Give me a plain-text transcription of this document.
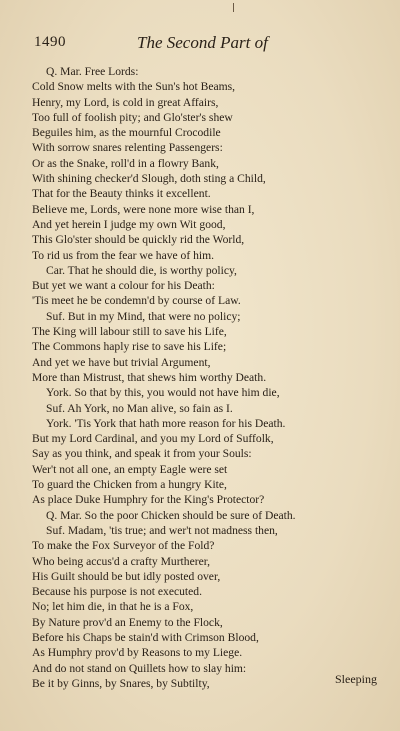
1490	The Second Part of
Q. Mar. Free Lords:
Cold Snow melts with the Sun's hot Beams,
Henry, my Lord, is cold in great Affairs,
Too full of foolish pity; and Glo'ster's shew
Beguiles him, as the mournful Crocodile
With sorrow snares relenting Passengers:
Or as the Snake, roll'd in a flowry Bank,
With shining checker'd Slough, doth sting a Child,
That for the Beauty thinks it excellent.
Believe me, Lords, were none more wise than I,
And yet herein I judge my own Wit good,
This Glo'ster should be quickly rid the World,
To rid us from the fear we have of him.
Car. That he should die, is worthy policy,
But yet we want a colour for his Death:
'Tis meet he be condemn'd by course of Law.
Suf. But in my Mind, that were no policy;
The King will labour still to save his Life,
The Commons haply rise to save his Life;
And yet we have but trivial Argument,
More than Mistrust, that shews him worthy Death.
York. So that by this, you would not have him die,
Suf. Ah York, no Man alive, so fain as I.
York. 'Tis York that hath more reason for his Death.
But my Lord Cardinal, and you my Lord of Suffolk,
Say as you think, and speak it from your Souls:
Wer't not all one, an empty Eagle were set
To guard the Chicken from a hungry Kite,
As place Duke Humphry for the King's Protector?
Q. Mar. So the poor Chicken should be sure of Death.
Suf. Madam, 'tis true; and wer't not madness then,
To make the Fox Surveyor of the Fold?
Who being accus'd a crafty Murtherer,
His Guilt should be but idly posted over,
Because his purpose is not executed.
No; let him die, in that he is a Fox,
By Nature prov'd an Enemy to the Flock,
Before his Chaps be stain'd with Crimson Blood,
As Humphry prov'd by Reasons to my Liege.
And do not stand on Quillets how to slay him:
Be it by Ginns, by Snares, by Subtilty,	Sleeping
